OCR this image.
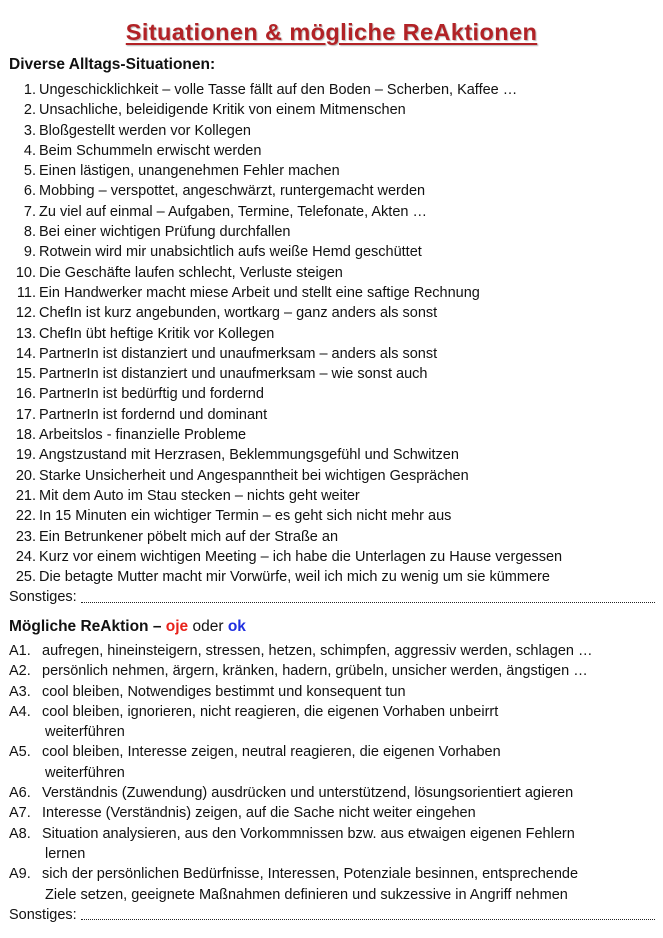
Situationen & mögliche ReAktionen
Diverse Alltags-Situationen:
1. Ungeschicklichkeit – volle Tasse fällt auf den Boden – Scherben, Kaffee …
2. Unsachliche, beleidigende Kritik von einem Mitmenschen
3. Bloßgestellt werden vor Kollegen
4. Beim Schummeln erwischt werden
5. Einen lästigen, unangenehmen Fehler machen
6. Mobbing – verspottet, angeschwärzt, runtergemacht werden
7. Zu viel auf einmal – Aufgaben, Termine, Telefonate, Akten …
8. Bei einer wichtigen Prüfung durchfallen
9. Rotwein wird mir unabsichtlich aufs weiße Hemd geschüttet
10. Die Geschäfte laufen schlecht, Verluste steigen
11. Ein Handwerker macht miese Arbeit und stellt eine saftige Rechnung
12. ChefIn ist kurz angebunden, wortkarg – ganz anders als sonst
13. ChefIn übt heftige Kritik vor Kollegen
14. PartnerIn ist distanziert und unaufmerksam – anders als sonst
15. PartnerIn ist distanziert und unaufmerksam – wie sonst auch
16. PartnerIn ist bedürftig und fordernd
17. PartnerIn ist fordernd und dominant
18. Arbeitslos - finanzielle Probleme
19. Angstzustand mit Herzrasen, Beklemmungsgefühl und Schwitzen
20. Starke Unsicherheit und Angespanntheit bei wichtigen Gesprächen
21. Mit dem Auto im Stau stecken – nichts geht weiter
22. In 15 Minuten ein wichtiger Termin – es geht sich nicht mehr aus
23. Ein Betrunkener pöbelt mich auf der Straße an
24. Kurz vor einem wichtigen Meeting – ich habe die Unterlagen zu Hause vergessen
25. Die betagte Mutter macht mir Vorwürfe, weil ich mich zu wenig um sie kümmere
Sonstiges:
Mögliche ReAktion – oje oder ok
A1. aufregen, hineinsteigern, stressen, hetzen, schimpfen, aggressiv werden, schlagen …
A2. persönlich nehmen, ärgern, kränken, hadern, grübeln, unsicher werden, ängstigen …
A3. cool bleiben, Notwendiges bestimmt und konsequent tun
A4. cool bleiben, ignorieren, nicht reagieren, die eigenen Vorhaben unbeirrt
weiterführen
A5. cool bleiben, Interesse zeigen, neutral reagieren, die eigenen Vorhaben
weiterführen
A6. Verständnis (Zuwendung) ausdrücken und unterstützend, lösungsorientiert agieren
A7. Interesse (Verständnis) zeigen, auf die Sache nicht weiter eingehen
A8. Situation analysieren, aus den Vorkommnissen bzw. aus etwaigen eigenen Fehlern
lernen
A9. sich der persönlichen Bedürfnisse, Interessen, Potenziale besinnen, entsprechende
Ziele setzen, geeignete Maßnahmen definieren und sukzessive in Angriff nehmen
Sonstiges:
